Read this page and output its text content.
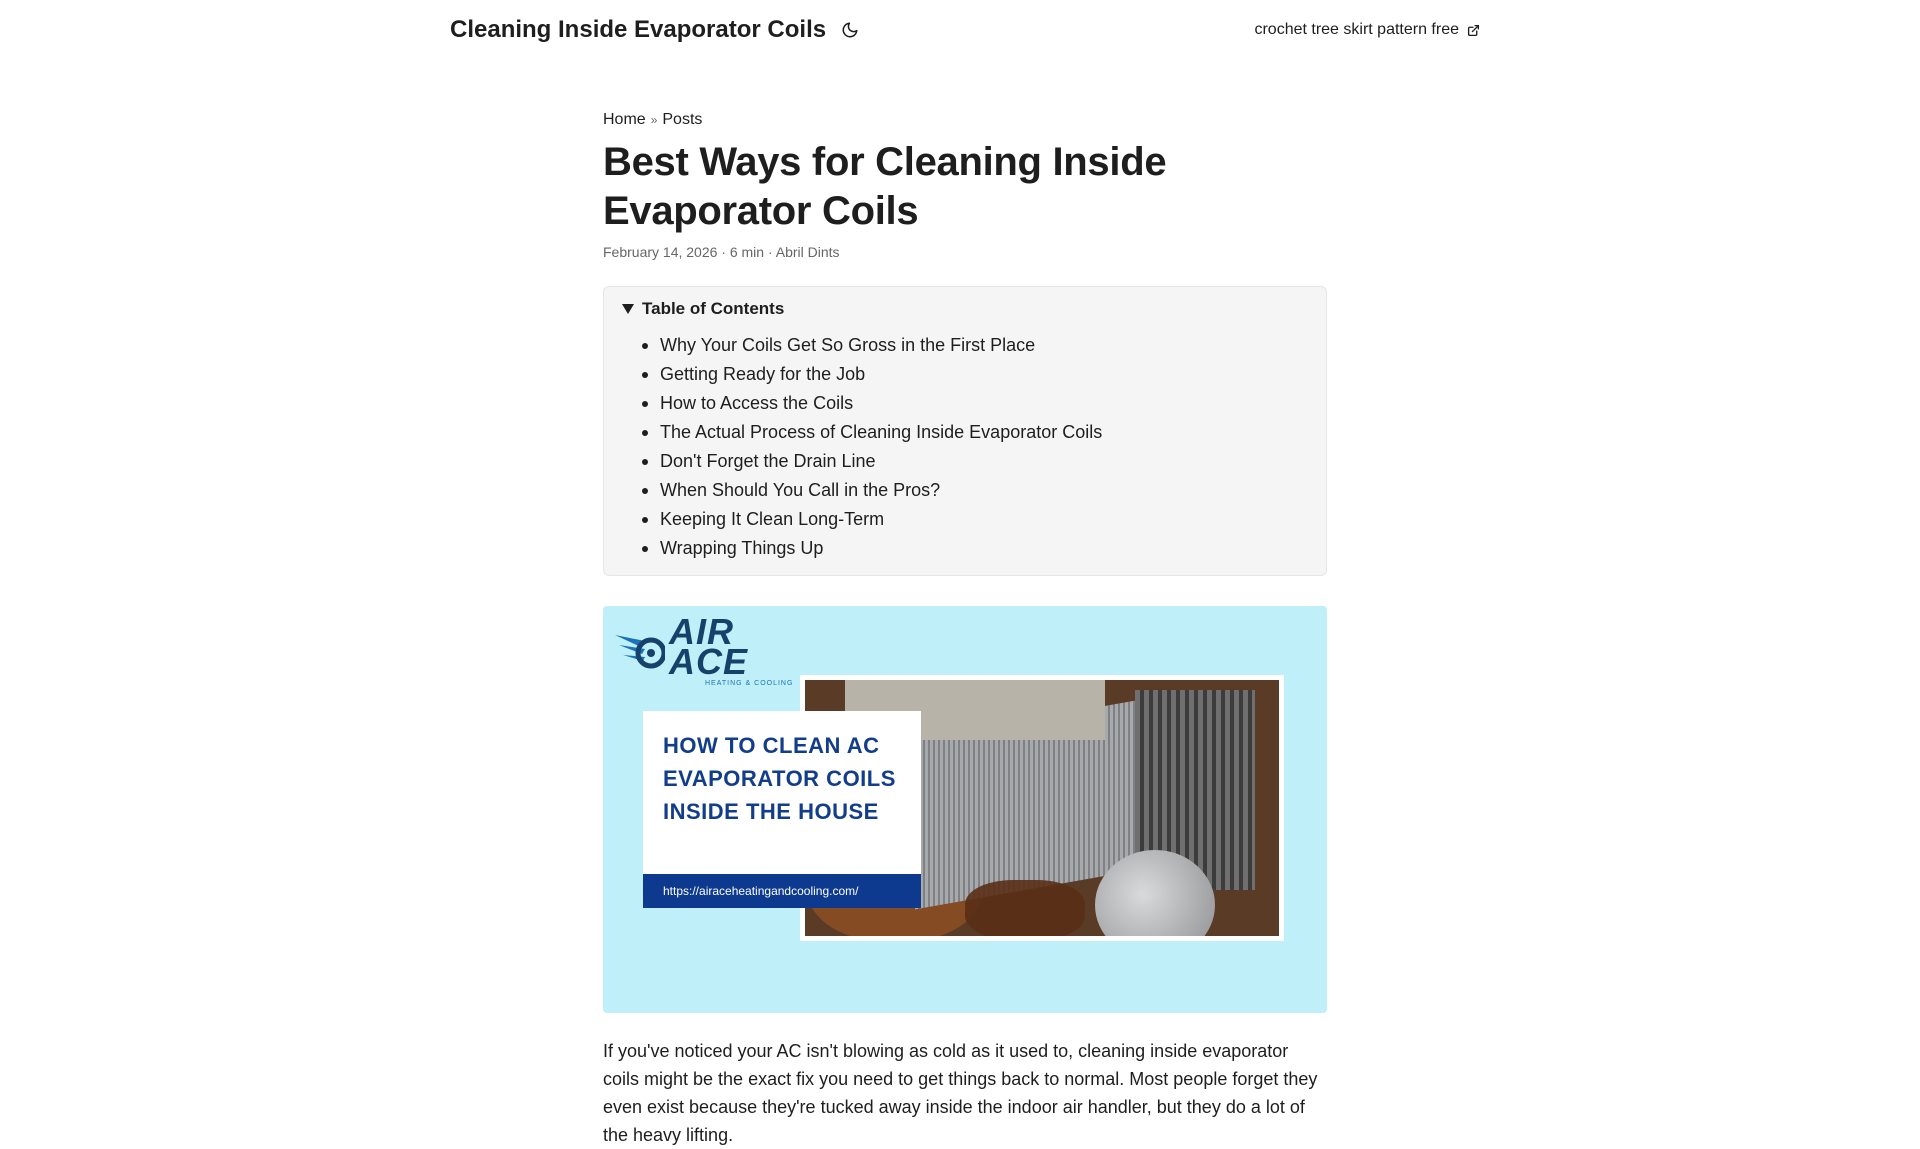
Cleaning Inside Evaporator Coils	crochet tree skirt pattern free
Home » Posts
Best Ways for Cleaning Inside Evaporator Coils
February 14, 2026 · 6 min · Abril Dints
Table of Contents
Why Your Coils Get So Gross in the First Place
Getting Ready for the Job
How to Access the Coils
The Actual Process of Cleaning Inside Evaporator Coils
Don't Forget the Drain Line
When Should You Call in the Pros?
Keeping It Clean Long-Term
Wrapping Things Up
AIR
ACE
HEATING & COOLING
HOW TO CLEAN AC EVAPORATOR COILS INSIDE THE HOUSE
https://airaceheatingandcooling.com/

If you've noticed your AC isn't blowing as cold as it used to, cleaning inside evaporator coils might be the exact fix you need to get things back to normal. Most people forget they even exist because they're tucked away inside the indoor air handler, but they do a lot of the heavy lifting.
